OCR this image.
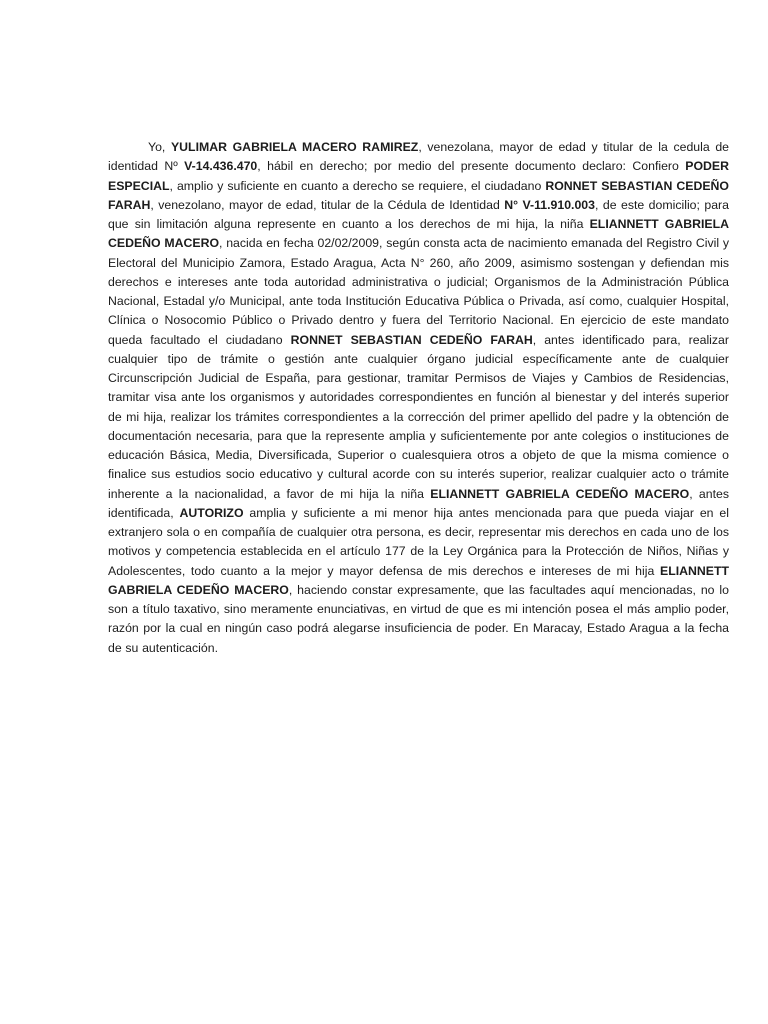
Yo, YULIMAR GABRIELA MACERO RAMIREZ, venezolana, mayor de edad y titular de la cedula de identidad Nº V-14.436.470, hábil en derecho; por medio del presente documento declaro: Confiero PODER ESPECIAL, amplio y suficiente en cuanto a derecho se requiere, el ciudadano RONNET SEBASTIAN CEDEÑO FARAH, venezolano, mayor de edad, titular de la Cédula de Identidad N° V-11.910.003, de este domicilio; para que sin limitación alguna represente en cuanto a los derechos de mi hija, la niña ELIANNETT GABRIELA CEDEÑO MACERO, nacida en fecha 02/02/2009, según consta acta de nacimiento emanada del Registro Civil y Electoral del Municipio Zamora, Estado Aragua, Acta N° 260, año 2009, asimismo sostengan y defiendan mis derechos e intereses ante toda autoridad administrativa o judicial; Organismos de la Administración Pública Nacional, Estadal y/o Municipal, ante toda Institución Educativa Pública o Privada, así como, cualquier Hospital, Clínica o Nosocomio Público o Privado dentro y fuera del Territorio Nacional. En ejercicio de este mandato queda facultado el ciudadano RONNET SEBASTIAN CEDEÑO FARAH, antes identificado para, realizar cualquier tipo de trámite o gestión ante cualquier órgano judicial específicamente ante de cualquier Circunscripción Judicial de España, para gestionar, tramitar Permisos de Viajes y Cambios de Residencias, tramitar visa ante los organismos y autoridades correspondientes en función al bienestar y del interés superior de mi hija, realizar los trámites correspondientes a la corrección del primer apellido del padre y la obtención de documentación necesaria, para que la represente amplia y suficientemente por ante colegios o instituciones de educación Básica, Media, Diversificada, Superior o cualesquiera otros a objeto de que la misma comience o finalice sus estudios socio educativo y cultural acorde con su interés superior, realizar cualquier acto o trámite inherente a la nacionalidad, a favor de mi hija la niña ELIANNETT GABRIELA CEDEÑO MACERO, antes identificada, AUTORIZO amplia y suficiente a mi menor hija antes mencionada para que pueda viajar en el extranjero sola o en compañía de cualquier otra persona, es decir, representar mis derechos en cada uno de los motivos y competencia establecida en el artículo 177 de la Ley Orgánica para la Protección de Niños, Niñas y Adolescentes, todo cuanto a la mejor y mayor defensa de mis derechos e intereses de mi hija ELIANNETT GABRIELA CEDEÑO MACERO, haciendo constar expresamente, que las facultades aquí mencionadas, no lo son a título taxativo, sino meramente enunciativas, en virtud de que es mi intención posea el más amplio poder, razón por la cual en ningún caso podrá alegarse insuficiencia de poder. En Maracay, Estado Aragua a la fecha de su autenticación.
